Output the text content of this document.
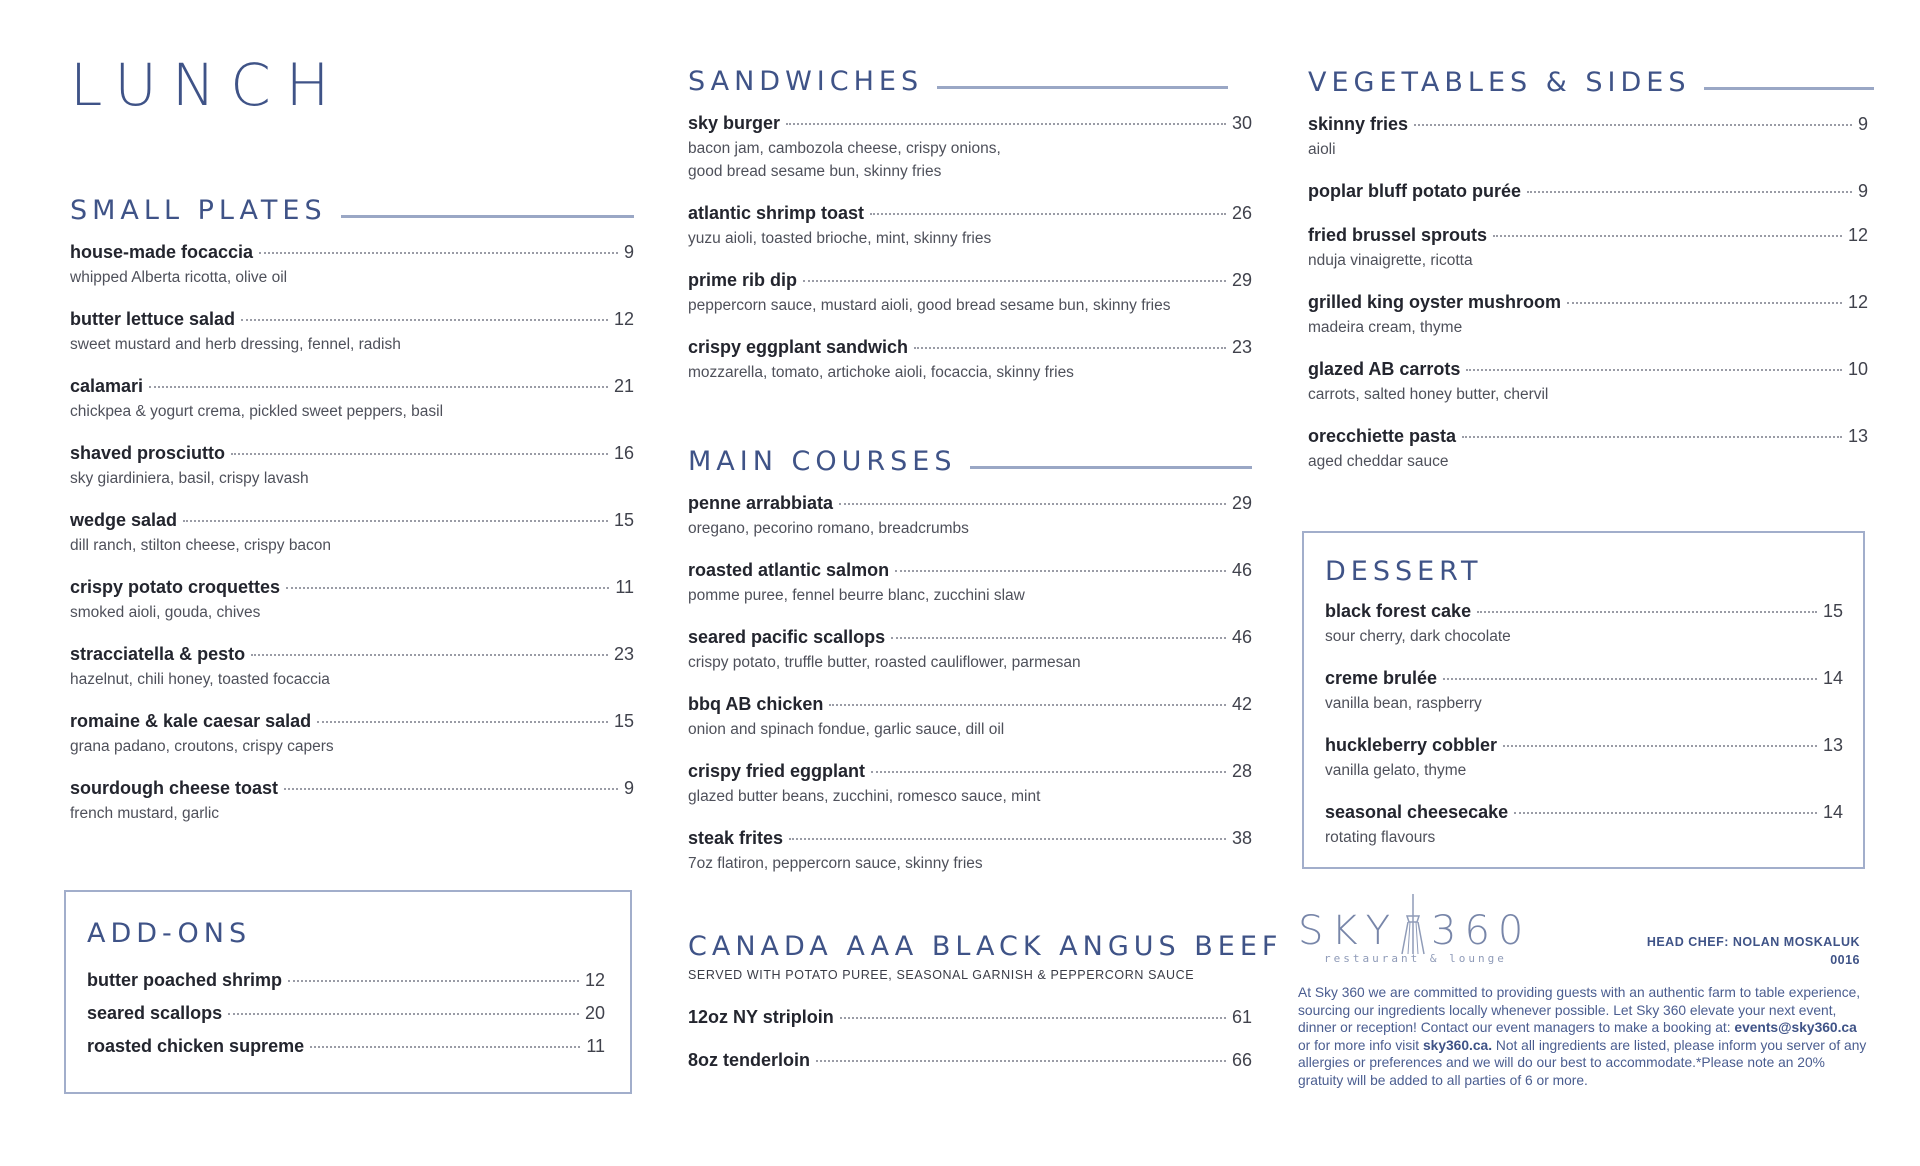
LUNCH
SMALL PLATES
house-made focaccia	9
whipped Alberta ricotta, olive oil
butter lettuce salad	12
sweet mustard and herb dressing, fennel, radish
calamari	21
chickpea & yogurt crema, pickled sweet peppers, basil
shaved prosciutto	16
sky giardiniera, basil, crispy lavash
wedge salad	15
dill ranch, stilton cheese, crispy bacon
crispy potato croquettes	11
smoked aioli, gouda, chives
stracciatella & pesto	23
hazelnut, chili honey, toasted focaccia
romaine & kale caesar salad	15
grana padano, croutons, crispy capers
sourdough cheese toast	9
french mustard, garlic
ADD-ONS
butter poached shrimp	12
seared scallops	20
roasted chicken supreme	11
SANDWICHES
sky burger	30
bacon jam, cambozola cheese, crispy onions,
good bread sesame bun, skinny fries
atlantic shrimp toast	26
yuzu aioli, toasted brioche, mint, skinny fries
prime rib dip	29
peppercorn sauce, mustard aioli, good bread sesame bun, skinny fries
crispy eggplant sandwich	23
mozzarella, tomato, artichoke aioli, focaccia, skinny fries
MAIN COURSES
penne arrabbiata	29
oregano, pecorino romano, breadcrumbs
roasted atlantic salmon	46
pomme puree, fennel beurre blanc, zucchini slaw
seared pacific scallops	46
crispy potato, truffle butter, roasted cauliflower, parmesan
bbq AB chicken	42
onion and spinach fondue, garlic sauce, dill oil
crispy fried eggplant	28
glazed butter beans, zucchini, romesco sauce, mint
steak frites	38
7oz flatiron, peppercorn sauce, skinny fries
CANADA AAA BLACK ANGUS BEEF
SERVED WITH POTATO PUREE, SEASONAL GARNISH & PEPPERCORN SAUCE
12oz NY striploin	61
8oz tenderloin	66
VEGETABLES & SIDES
skinny fries	9
aioli
poplar bluff potato purée	9
fried brussel sprouts	12
nduja vinaigrette, ricotta
grilled king oyster mushroom	12
madeira cream, thyme
glazed AB carrots	10
carrots, salted honey butter, chervil
orecchiette pasta	13
aged cheddar sauce
DESSERT
black forest cake	15
sour cherry, dark chocolate
creme brulée	14
vanilla bean, raspberry
huckleberry cobbler	13
vanilla gelato, thyme
seasonal cheesecake	14
rotating flavours
SKY 360
restaurant & lounge
HEAD CHEF: NOLAN MOSKALUK
0016
At Sky 360 we are committed to providing guests with an authentic farm to table experience, sourcing our ingredients locally whenever possible. Let Sky 360 elevate your next event, dinner or reception! Contact our event managers to make a booking at: events@sky360.ca or for more info visit sky360.ca. Not all ingredients are listed, please inform you server of any allergies or preferences and we will do our best to accommodate.*Please note an 20% gratuity will be added to all parties of 6 or more.
